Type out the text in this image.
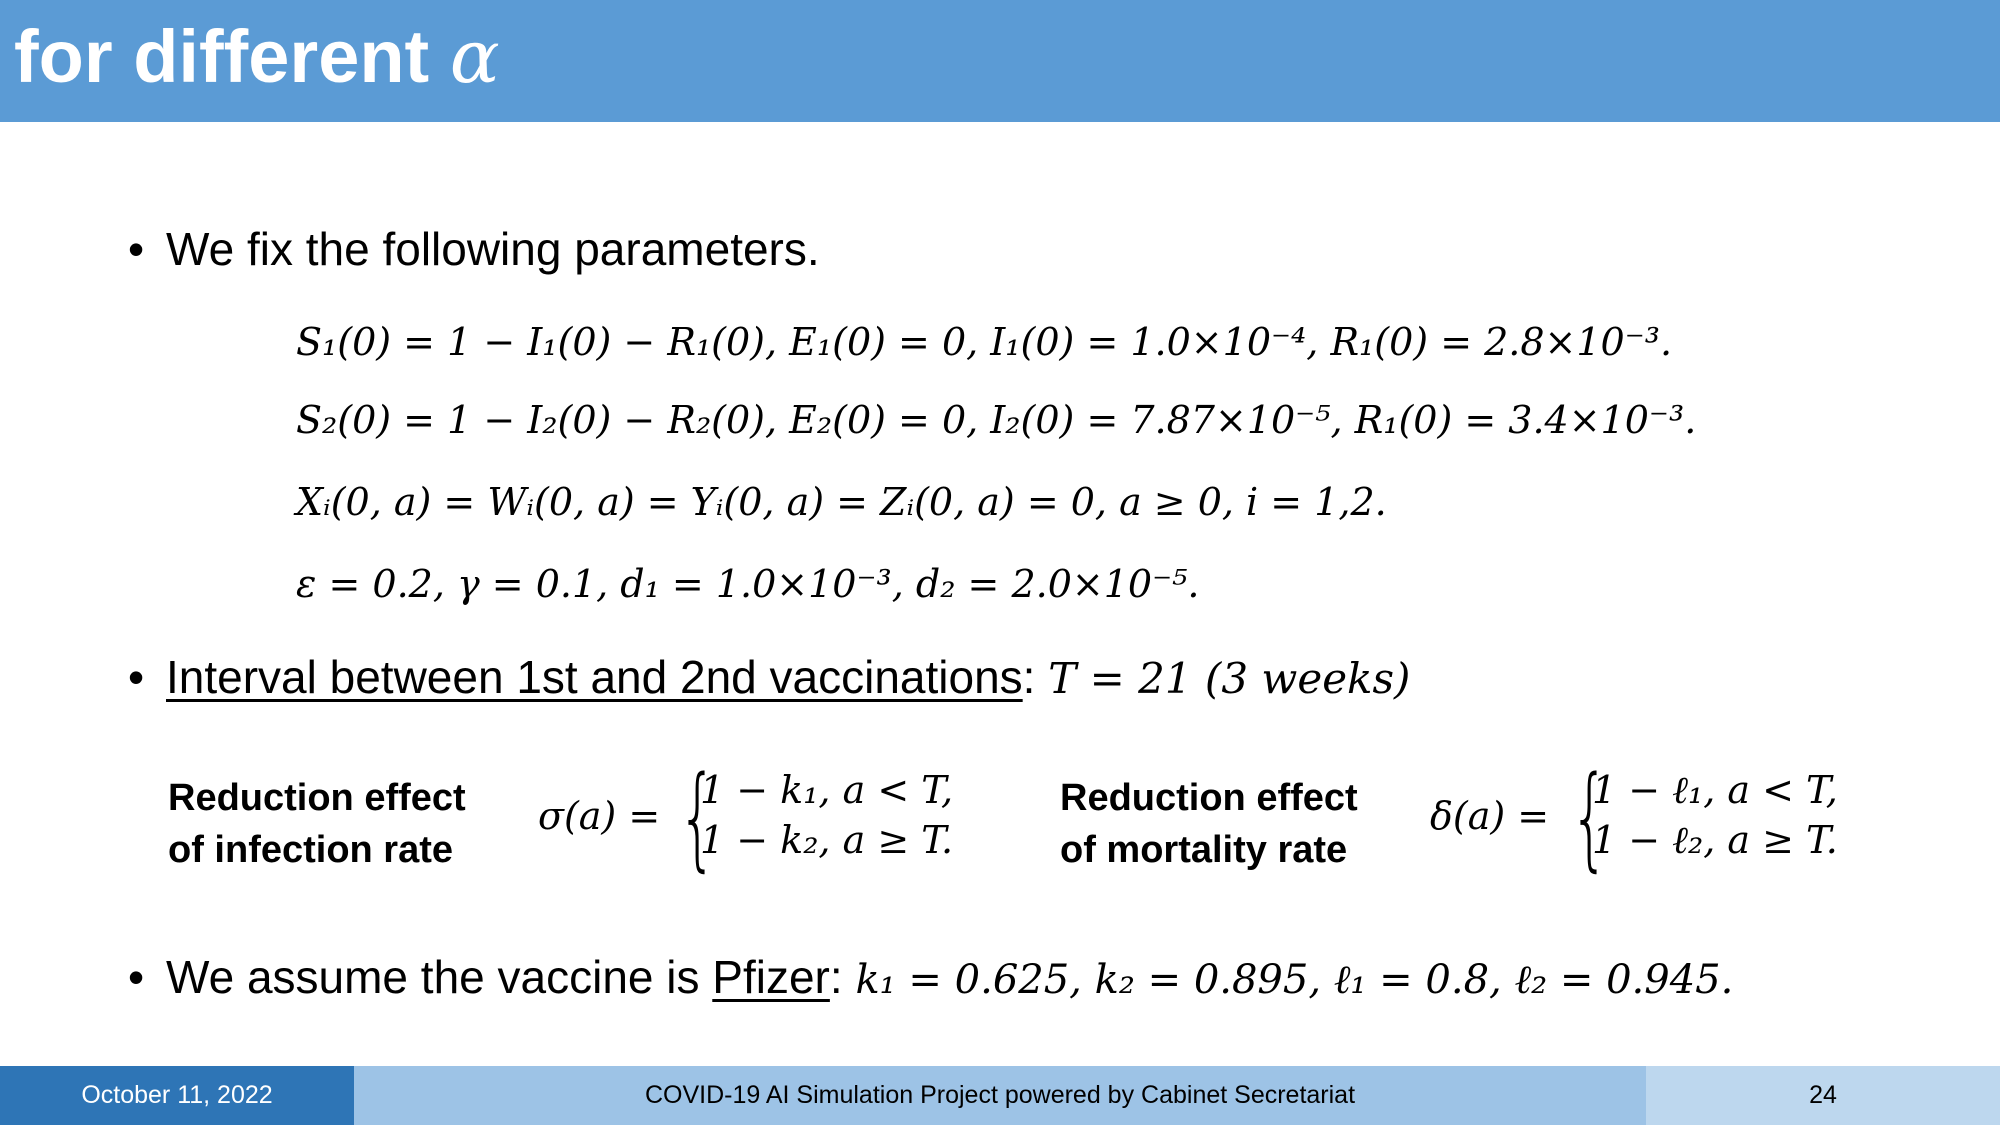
for different α
• We fix the following parameters.
S₁(0) = 1 − I₁(0) − R₁(0), E₁(0) = 0, I₁(0) = 1.0×10⁻⁴, R₁(0) = 2.8×10⁻³.
S₂(0) = 1 − I₂(0) − R₂(0), E₂(0) = 0, I₂(0) = 7.87×10⁻⁵, R₁(0) = 3.4×10⁻³.
Xᵢ(0, a) = Wᵢ(0, a) = Yᵢ(0, a) = Zᵢ(0, a) = 0, a ≥ 0, i = 1,2.
ε = 0.2, γ = 0.1, d₁ = 1.0×10⁻³, d₂ = 2.0×10⁻⁵.
• Interval between 1st and 2nd vaccinations: T = 21 (3 weeks)
Reduction effect
of infection rate
σ(a) = {
1 − k₁, a < T,
1 − k₂, a ≥ T.
Reduction effect
of mortality rate
δ(a) = {
1 − ℓ₁, a < T,
1 − ℓ₂, a ≥ T.
• We assume the vaccine is Pfizer: k₁ = 0.625, k₂ = 0.895, ℓ₁ = 0.8, ℓ₂ = 0.945.
October 11, 2022	COVID-19 AI Simulation Project powered by Cabinet Secretariat	24
